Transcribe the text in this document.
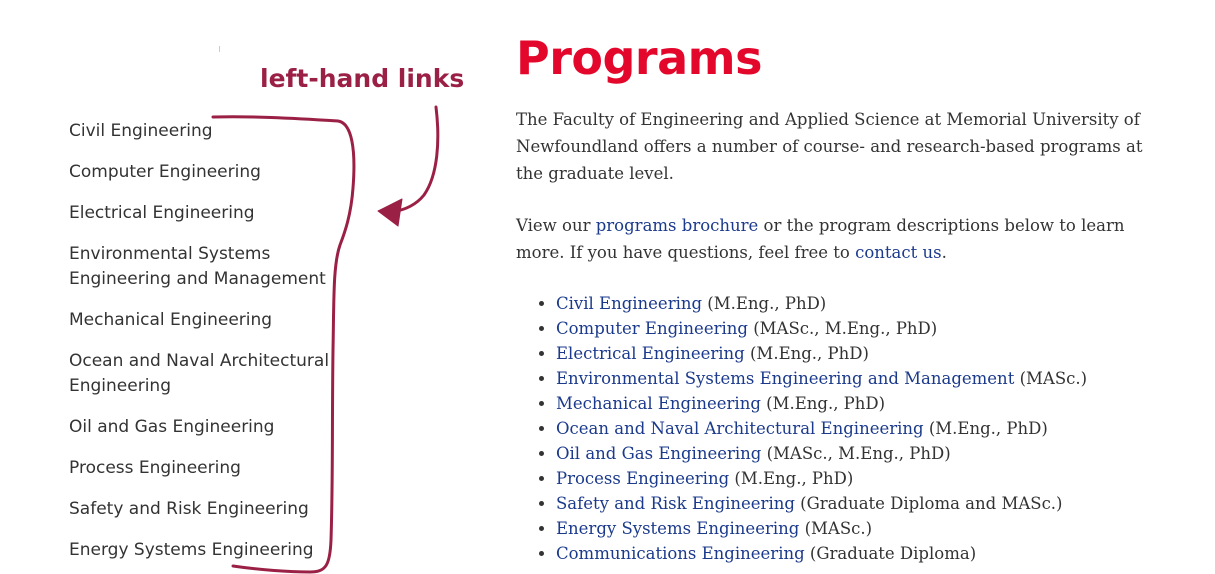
Civil Engineering
Computer Engineering
Electrical Engineering
Environmental Systems
Engineering and Management
Mechanical Engineering
Ocean and Naval Architectural
Engineering
Oil and Gas Engineering
Process Engineering
Safety and Risk Engineering
Energy Systems Engineering
left-hand links Programs

The Faculty of Engineering and Applied Science at Memorial University of Newfoundland offers a number of course- and research-based programs at the graduate level.

View our programs brochure or the program descriptions below to learn more. If you have questions, feel free to contact us.

• Civil Engineering (M.Eng., PhD)
• Computer Engineering (MASc., M.Eng., PhD)
• Electrical Engineering (M.Eng., PhD)
• Environmental Systems Engineering and Management (MASc.)
• Mechanical Engineering (M.Eng., PhD)
• Ocean and Naval Architectural Engineering (M.Eng., PhD)
• Oil and Gas Engineering (MASc., M.Eng., PhD)
• Process Engineering (M.Eng., PhD)
• Safety and Risk Engineering (Graduate Diploma and MASc.)
• Energy Systems Engineering (MASc.)
• Communications Engineering (Graduate Diploma)
